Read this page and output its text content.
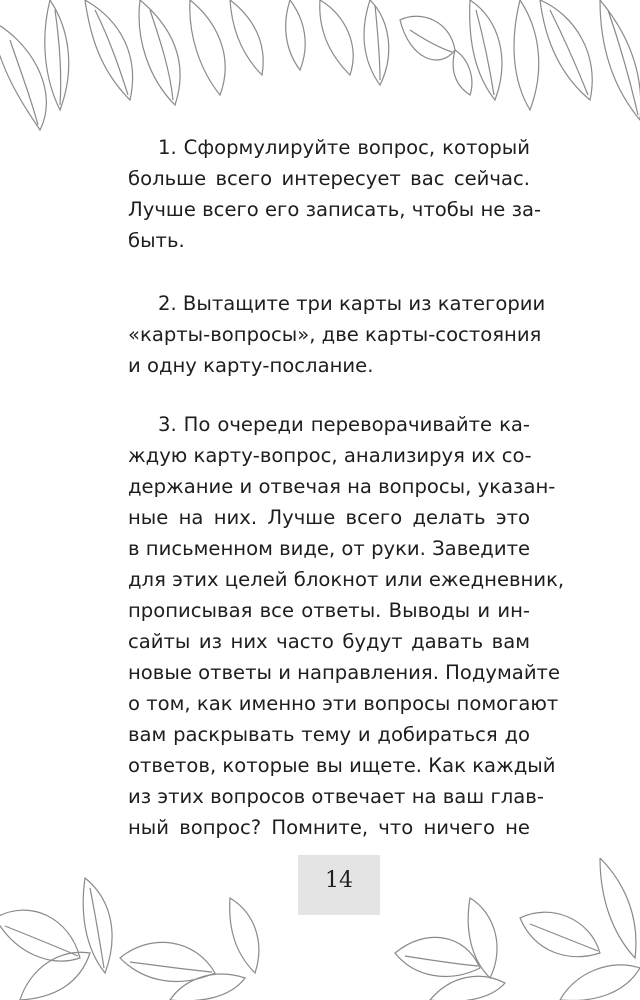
1. Сформулируйте вопрос, который
больше всего интересует вас сейчас.
Лучше всего его записать, чтобы не за-
быть.

2. Вытащите три карты из категории
«карты-вопросы», две карты-состояния
и одну карту-послание.

3. По очереди переворачивайте ка-
ждую карту-вопрос, анализируя их со-
держание и отвечая на вопросы, указан-
ные на них. Лучше всего делать это
в письменном виде, от руки. Заведите
для этих целей блокнот или ежедневник,
прописывая все ответы. Выводы и ин-
сайты из них часто будут давать вам
новые ответы и направления. Подумайте
о том, как именно эти вопросы помогают
вам раскрывать тему и добираться до
ответов, которые вы ищете. Как каждый
из этих вопросов отвечает на ваш глав-
ный вопрос? Помните, что ничего не

14
